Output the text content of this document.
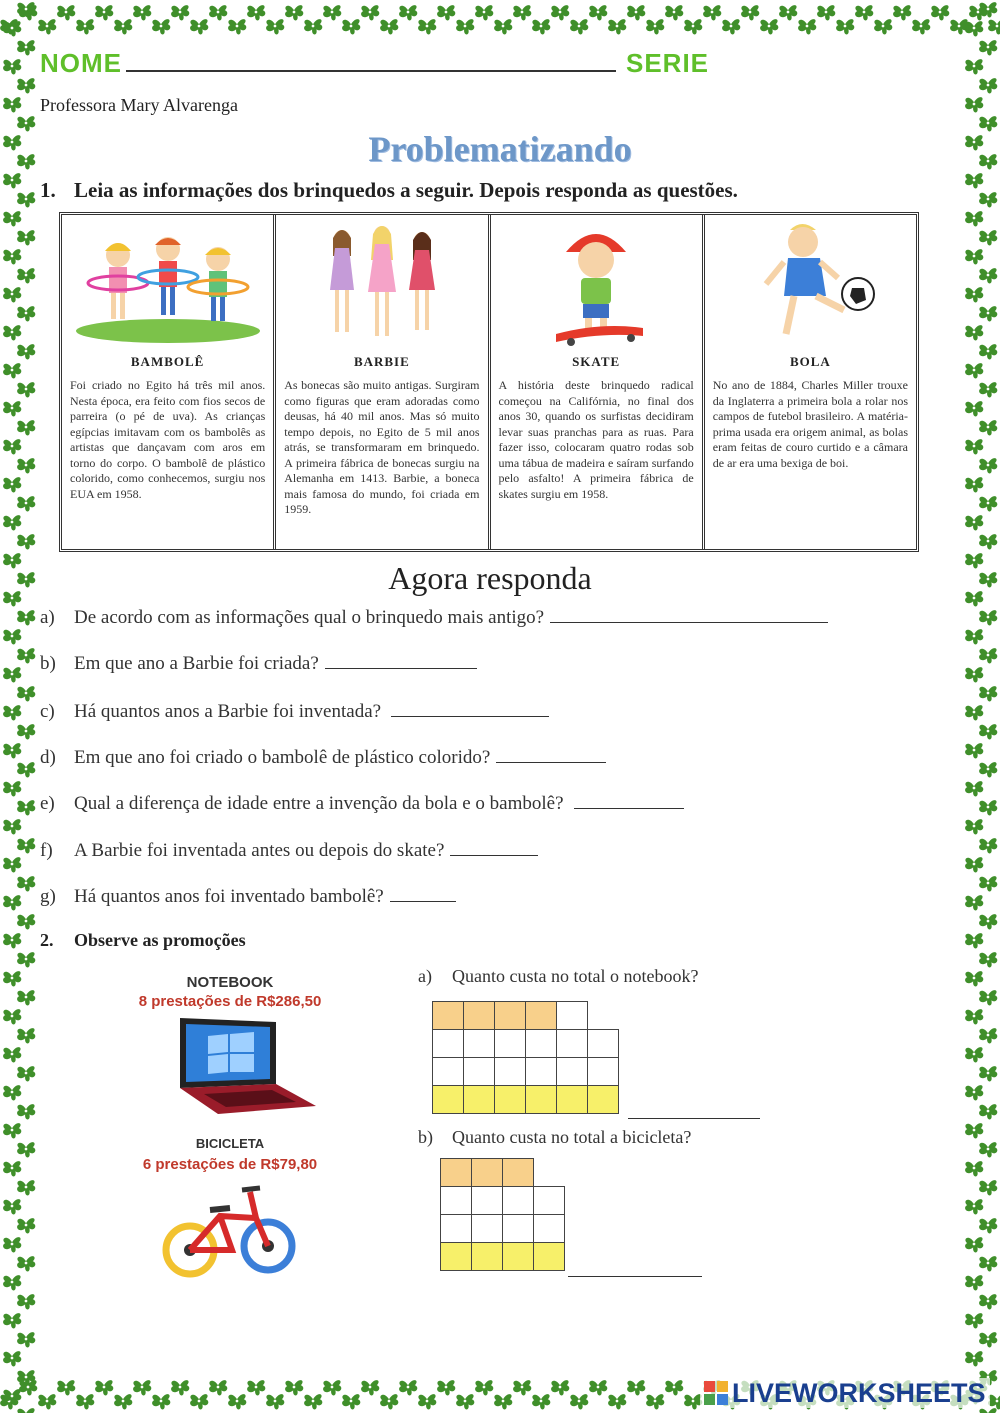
NOME	SERIE
Professora Mary Alvarenga
Problematizando
1. Leia as informações dos brinquedos a seguir. Depois responda as questões.
BAMBOLÊ
Foi criado no Egito há três mil anos. Nesta época, era feito com fios secos de parreira (o pé de uva). As crianças egípcias imitavam com os bambolês as artistas que dançavam com aros em torno do corpo. O bambolê de plástico colorido, como conhecemos, surgiu nos EUA em 1958.
BARBIE
As bonecas são muito antigas. Surgiram como figuras que eram adoradas como deusas, há 40 mil anos. Mas só muito tempo depois, no Egito de 5 mil anos atrás, se transformaram em brinquedo. A primeira fábrica de bonecas surgiu na Alemanha em 1413. Barbie, a boneca mais famosa do mundo, foi criada em 1959.
SKATE
A história deste brinquedo radical começou na Califórnia, no final dos anos 30, quando os surfistas decidiram levar suas pranchas para as ruas. Para fazer isso, colocaram quatro rodas sob uma tábua de madeira e saíram surfando pelo asfalto! A primeira fábrica de skates surgiu em 1958.
BOLA
No ano de 1884, Charles Miller trouxe da Inglaterra a primeira bola a rolar nos campos de futebol brasileiro. A matéria-prima usada era origem animal, as bolas eram feitas de couro curtido e a câmara de ar era uma bexiga de boi.
Agora responda
a) De acordo com as informações qual o brinquedo mais antigo?
b) Em que ano a Barbie foi criada?
c) Há quantos anos a Barbie foi inventada?
d) Em que ano foi criado o bambolê de plástico colorido?
e) Qual a diferença de idade entre a invenção da bola e o bambolê?
f) A Barbie foi inventada antes ou depois do skate?
g) Há quantos anos foi inventado bambolê?
2. Observe as promoções
NOTEBOOK
8 prestações de R$286,50
BICICLETA
6 prestações de R$79,80
a) Quanto custa no total o notebook?
b) Quanto custa no total a bicicleta?
LIVEWORKSHEETS
